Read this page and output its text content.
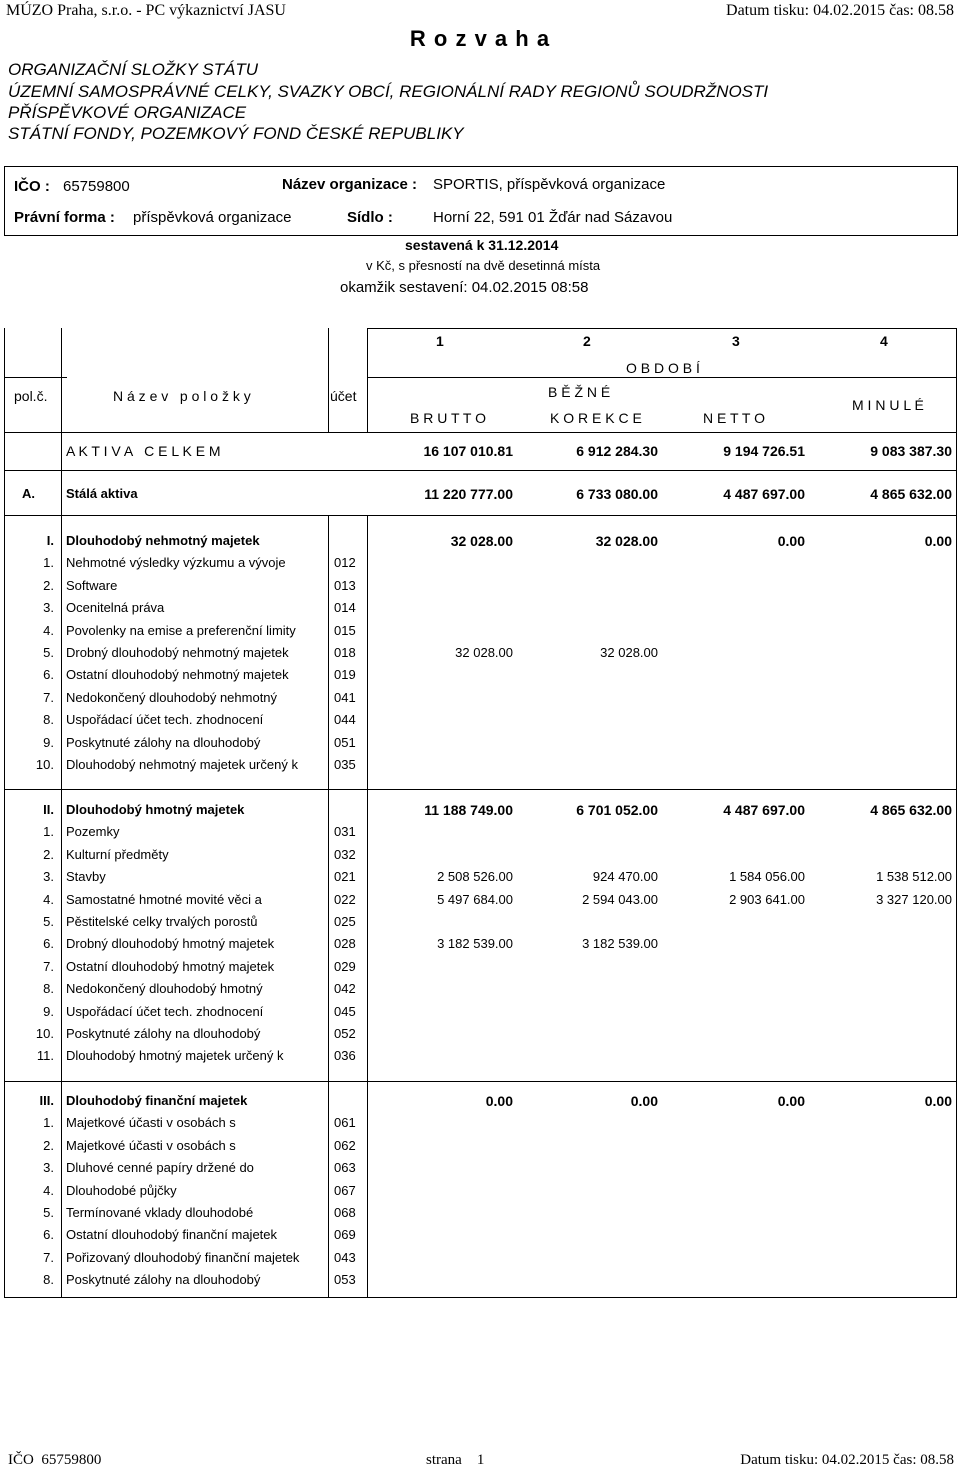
MÚZO Praha, s.r.o. - PC výkaznictví JASU	Datum tisku: 04.02.2015 čas: 08.58
R o z v a h a
ORGANIZAČNÍ SLOŽKY STÁTU
ÚZEMNÍ SAMOSPRÁVNÉ CELKY, SVAZKY OBCÍ, REGIONÁLNÍ RADY REGIONŮ SOUDRŽNOSTI
PŘÍSPĚVKOVÉ ORGANIZACE
STÁTNÍ FONDY, POZEMKOVÝ FOND ČESKÉ REPUBLIKY
IČO : 65759800	Název organizace : SPORTIS, příspěvková organizace
Právní forma : příspěvková organizace	Sídlo :	Horní 22, 591 01 Žďár nad Sázavou
sestavená k 31.12.2014
v Kč, s přesností na dvě desetinná místa
okamžik sestavení: 04.02.2015 08:58
1	2	3	4
O B D O B Í
B Ě Ž N É
B R U T T O	K O R E K C E	N E T T O
M I N U L É
pol.č.	N á z e v   p o l o ž k y	účet
A K T I V A   C E L K E M	16 107 010.81	6 912 284.30	9 194 726.51	9 083 387.30
A. Stálá aktiva	11 220 777.00	6 733 080.00	4 487 697.00	4 865 632.00
I. Dlouhodobý nehmotný majetek	32 028.00	32 028.00	0.00	0.00
1. Nehmotné výsledky výzkumu a vývoje	012
2. Software	013
3. Ocenitelná práva	014
4. Povolenky na emise a preferenční limity	015
5. Drobný dlouhodobý nehmotný majetek	018	32 028.00	32 028.00
6. Ostatní dlouhodobý nehmotný majetek	019
7. Nedokončený dlouhodobý nehmotný	041
8. Uspořádací účet tech. zhodnocení	044
9. Poskytnuté zálohy na dlouhodobý	051
10. Dlouhodobý nehmotný majetek určený k	035
II. Dlouhodobý hmotný majetek	11 188 749.00	6 701 052.00	4 487 697.00	4 865 632.00
1. Pozemky	031
2. Kulturní předměty	032
3. Stavby	021	2 508 526.00	924 470.00	1 584 056.00	1 538 512.00
4. Samostatné hmotné movité věci a	022	5 497 684.00	2 594 043.00	2 903 641.00	3 327 120.00
5. Pěstitelské celky trvalých porostů	025
6. Drobný dlouhodobý hmotný majetek	028	3 182 539.00	3 182 539.00
7. Ostatní dlouhodobý hmotný majetek	029
8. Nedokončený dlouhodobý hmotný	042
9. Uspořádací účet tech. zhodnocení	045
10. Poskytnuté zálohy na dlouhodobý	052
11. Dlouhodobý hmotný majetek určený k	036
III. Dlouhodobý finanční majetek	0.00	0.00	0.00	0.00
1. Majetkové účasti v osobách s	061
2. Majetkové účasti v osobách s	062
3. Dluhové cenné papíry držené do	063
4. Dlouhodobé půjčky	067
5. Termínované vklady dlouhodobé	068
6. Ostatní dlouhodobý finanční majetek	069
7. Pořizovaný dlouhodobý finanční majetek	043
8. Poskytnuté zálohy na dlouhodobý	053
IČO  65759800	strana    1	Datum tisku: 04.02.2015 čas: 08.58
